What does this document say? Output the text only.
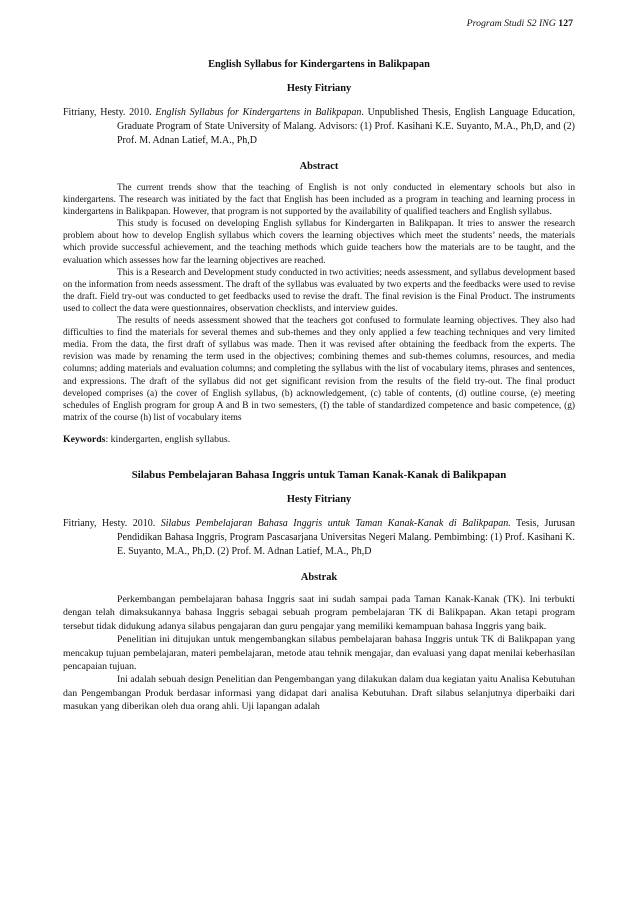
Program Studi S2 ING 127
English Syllabus for Kindergartens in Balikpapan
Hesty Fitriany

Fitriany, Hesty. 2010. English Syllabus for Kindergartens in Balikpapan. Unpublished Thesis, English Language Education, Graduate Program of State University of Malang. Advisors: (1) Prof. Kasihani K.E. Suyanto, M.A., Ph,D, and (2) Prof. M. Adnan Latief, M.A., Ph,D

Abstract

The current trends show that the teaching of English is not only conducted in elementary schools but also in kindergartens. The research was initiated by the fact that English has been included as a program in teaching and learning process in kindergartens in Balikpapan. However, that program is not supported by the availability of qualified teachers and English syllabus.

This study is focused on developing English syllabus for Kindergarten in Balikpapan. It tries to answer the research problem about how to develop English syllabus which covers the learning objectives which meet the students’ needs, the materials which provide successful achievement, and the teaching methods which guide teachers how the materials are to be taught, and the evaluation which assesses how far the learning objectives are reached.

This is a Research and Development study conducted in two activities; needs assessment, and syllabus development based on the information from needs assessment. The draft of the syllabus was evaluated by two experts and the feedbacks were used to revise the draft. Field try-out was conducted to get feedbacks used to revise the draft. The final revision is the Final Product. The instruments used to collect the data were questionnaires, observation checklists, and interview guides.

The results of needs assessment showed that the teachers got confused to formulate learning objectives. They also had difficulties to find the materials for several themes and sub-themes and they only applied a few teaching techniques and very limited media. From the data, the first draft of syllabus was made. Then it was revised after obtaining the feedback from the experts. The revision was made by renaming the term used in the objectives; combining themes and sub-themes columns, resources, and media columns; adding materials and evaluation columns; and completing the syllabus with the list of vocabulary items, phrases and sentences, and expressions. The draft of the syllabus did not get significant revision from the results of the field try-out. The final product developed comprises (a) the cover of English syllabus, (b) acknowledgement, (c) table of contents, (d) outline course, (e) meeting schedules of English program for group A and B in two semesters, (f) the table of standardized competence and basic competence, (g) matrix of the course (h) list of vocabulary items

Keywords: kindergarten, english syllabus.

Silabus Pembelajaran Bahasa Inggris untuk Taman Kanak-Kanak di Balikpapan
Hesty Fitriany

Fitriany, Hesty. 2010. Silabus Pembelajaran Bahasa Inggris untuk Taman Kanak-Kanak di Balikpapan. Tesis, Jurusan Pendidikan Bahasa Inggris, Program Pascasarjana Universitas Negeri Malang. Pembimbing: (1) Prof. Kasihani K. E. Suyanto, M.A., Ph,D. (2) Prof. M. Adnan Latief, M.A., Ph,D

Abstrak

Perkembangan pembelajaran bahasa Inggris saat ini sudah sampai pada Taman Kanak-Kanak (TK). Ini terbukti dengan telah dimaksukannya bahasa Inggris sebagai sebuah program pembelajaran TK di Balikpapan. Akan tetapi program tersebut tidak didukung adanya silabus pengajaran dan guru pengajar yang memiliki kemampuan bahasa Inggris yang baik.

Penelitian ini ditujukan untuk mengembangkan silabus pembelajaran bahasa Inggris untuk TK di Balikpapan yang mencakup tujuan pembelajaran, materi pembelajaran, metode atau tehnik mengajar, dan evaluasi yang dapat menilai keberhasilan pencapaian tujuan.

Ini adalah sebuah design Penelitian dan Pengembangan yang dilakukan dalam dua kegiatan yaitu Analisa Kebutuhan dan Pengembangan Produk berdasar informasi yang didapat dari analisa Kebutuhan. Draft silabus selanjutnya diperbaiki dari masukan yang diberikan oleh dua orang ahli. Uji lapangan adalah
